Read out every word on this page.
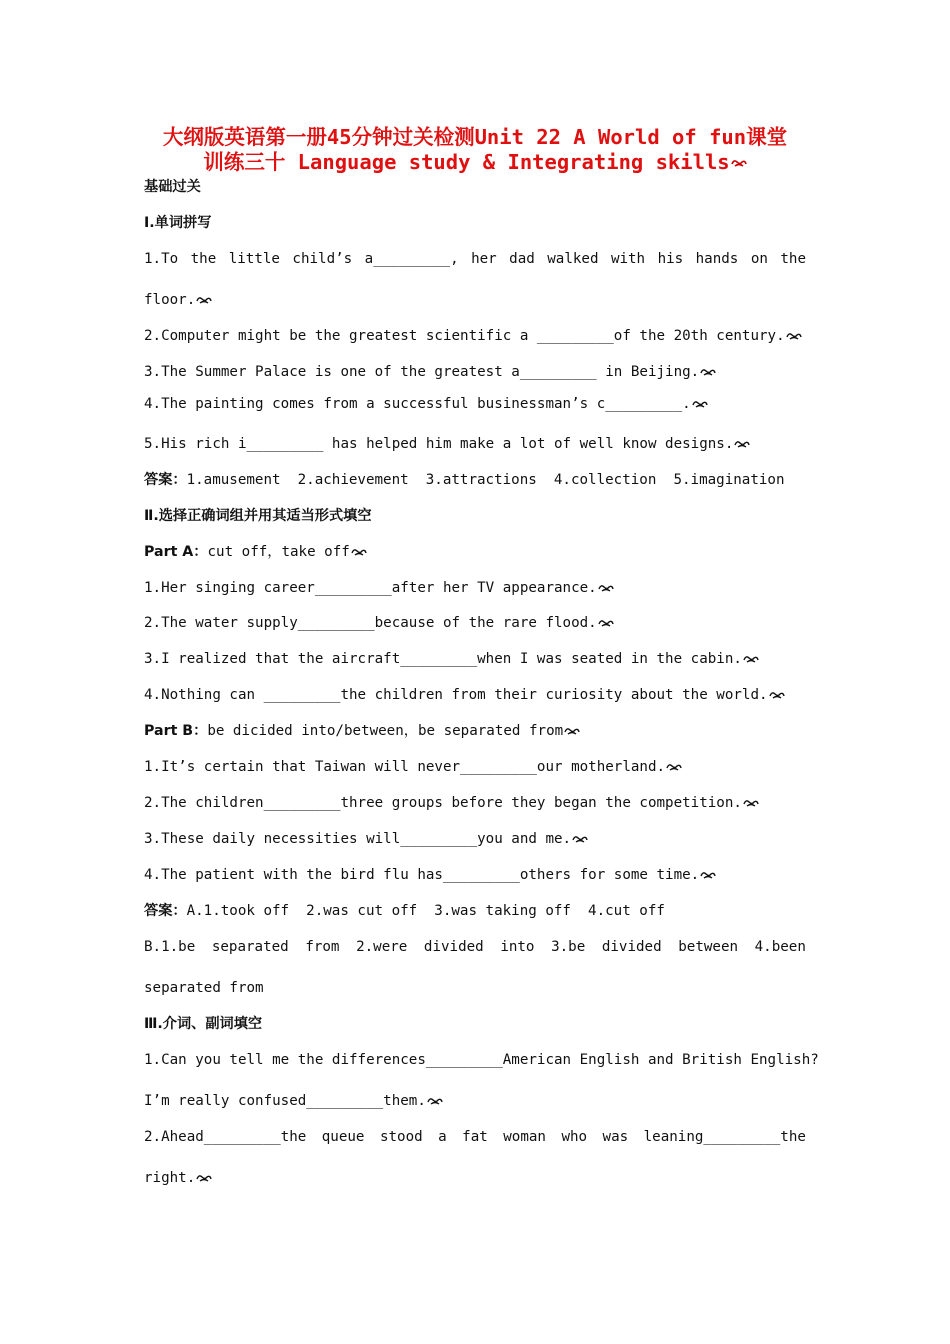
大纲版英语第一册45分钟过关检测Unit 22 A World of fun课堂
训练三十 Language study & Integrating skills
基础过关
Ⅰ.单词拼写
1.To the little child’s a_________, her dad walked with his hands on the
floor.
2.Computer might be the greatest scientific a _________of the 20th century.
3.The Summer Palace is one of the greatest a_________ in Beijing.
4.The painting comes from a successful businessman’s c_________.
5.His rich i_________ has helped him make a lot of well know designs.
答案：1.amusement  2.achievement  3.attractions  4.collection  5.imagination
Ⅱ.选择正确词组并用其适当形式填空
Part A：cut off，take off
1.Her singing career_________after her TV appearance.
2.The water supply_________because of the rare flood.
3.I realized that the aircraft_________when I was seated in the cabin.
4.Nothing can _________the children from their curiosity about the world.
Part B：be dicided into/between，be separated from
1.It’s certain that Taiwan will never_________our motherland.
2.The children_________three groups before they began the competition.
3.These daily necessities will_________you and me.
4.The patient with the bird flu has_________others for some time.
答案：A.1.took off  2.was cut off  3.was taking off  4.cut off
B.1.be separated from 2.were divided into 3.be divided between 4.been
separated from
Ⅲ.介词、副词填空
1.Can you tell me the differences_________American English and British English?
I’m really confused_________them.
2.Ahead_________the queue stood a fat woman who was leaning_________the
right.
